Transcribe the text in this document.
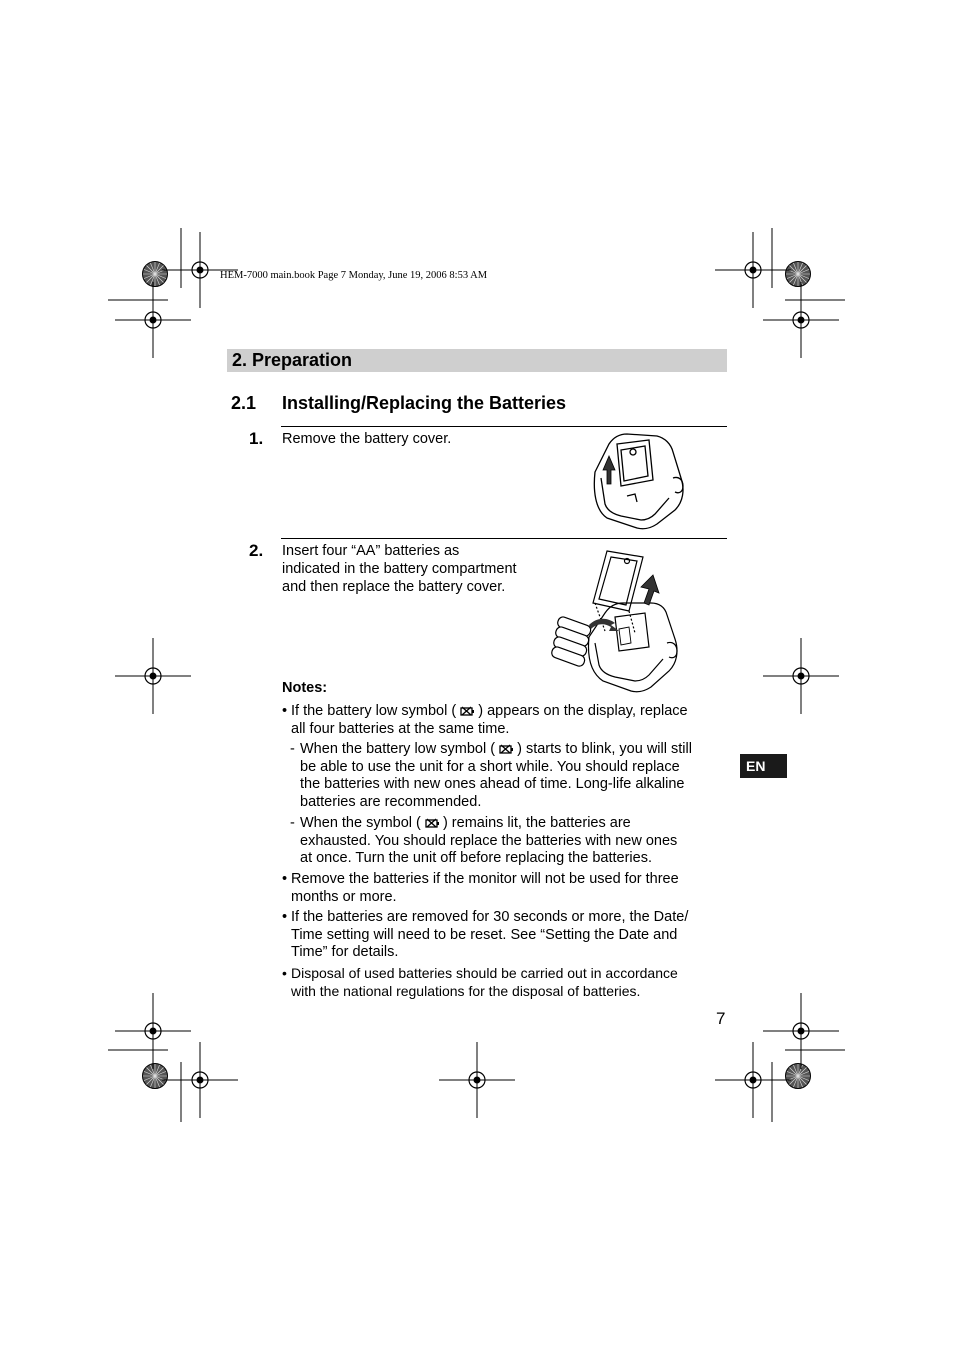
HEM-7000 main.book Page 7 Monday, June 19, 2006 8:53 AM
2. Preparation
2.1 Installing/Replacing the Batteries
1. Remove the battery cover.
2. Insert four “AA” batteries as
indicated in the battery compartment
and then replace the battery cover.
Notes:
• If the battery low symbol ( ) appears on the display, replace
all four batteries at the same time.
- When the battery low symbol ( ) starts to blink, you will still
be able to use the unit for a short while. You should replace
the batteries with new ones ahead of time. Long-life alkaline
batteries are recommended.
- When the symbol ( ) remains lit, the batteries are
exhausted. You should replace the batteries with new ones
at once. Turn the unit off before replacing the batteries.
• Remove the batteries if the monitor will not be used for three
months or more.
• If the batteries are removed for 30 seconds or more, the Date/
Time setting will need to be reset. See “Setting the Date and
Time” for details.
• Disposal of used batteries should be carried out in accordance
with the national regulations for the disposal of batteries.
EN
7
